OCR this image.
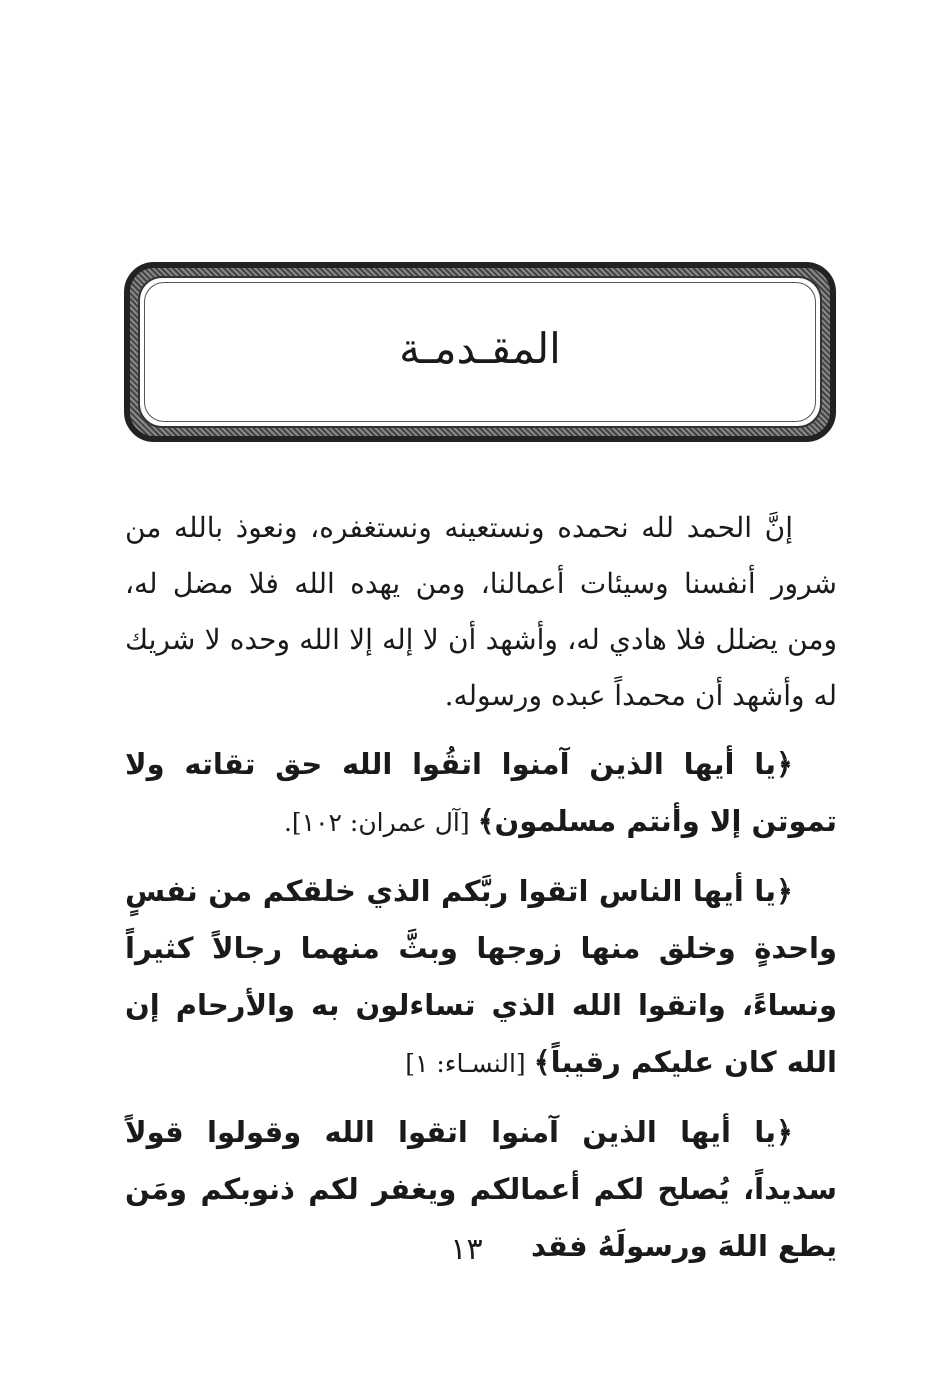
المقـدمـة

إنَّ الحمد لله نحمده ونستعينه ونستغفره، ونعوذ بالله من شرور أنفسنا وسيئات أعمالنا، ومن يهده الله فلا مضل له، ومن يضلل فلا هادي له، وأشهد أن لا إله إلا الله وحده لا شريك له وأشهد أن محمداً عبده ورسوله.

﴿يا أيها الذين آمنوا اتقُوا الله حق تقاته ولا تموتن إلا وأنتم مسلمون﴾ [آل عمران: ١٠٢].

﴿يا أيها الناس اتقوا ربَّكم الذي خلقكم من نفسٍ واحدةٍ وخلق منها زوجها وبثَّ منهما رجالاً كثيراً ونساءً، واتقوا الله الذي تساءلون به والأرحام إن الله كان عليكم رقيباً﴾ [النسـاء: ١]

﴿يا أيها الذين آمنوا اتقوا الله وقولوا قولاً سديداً، يُصلح لكم أعمالكم ويغفر لكم ذنوبكم ومَن يطع اللهَ ورسولَهُ فقد

١٣
